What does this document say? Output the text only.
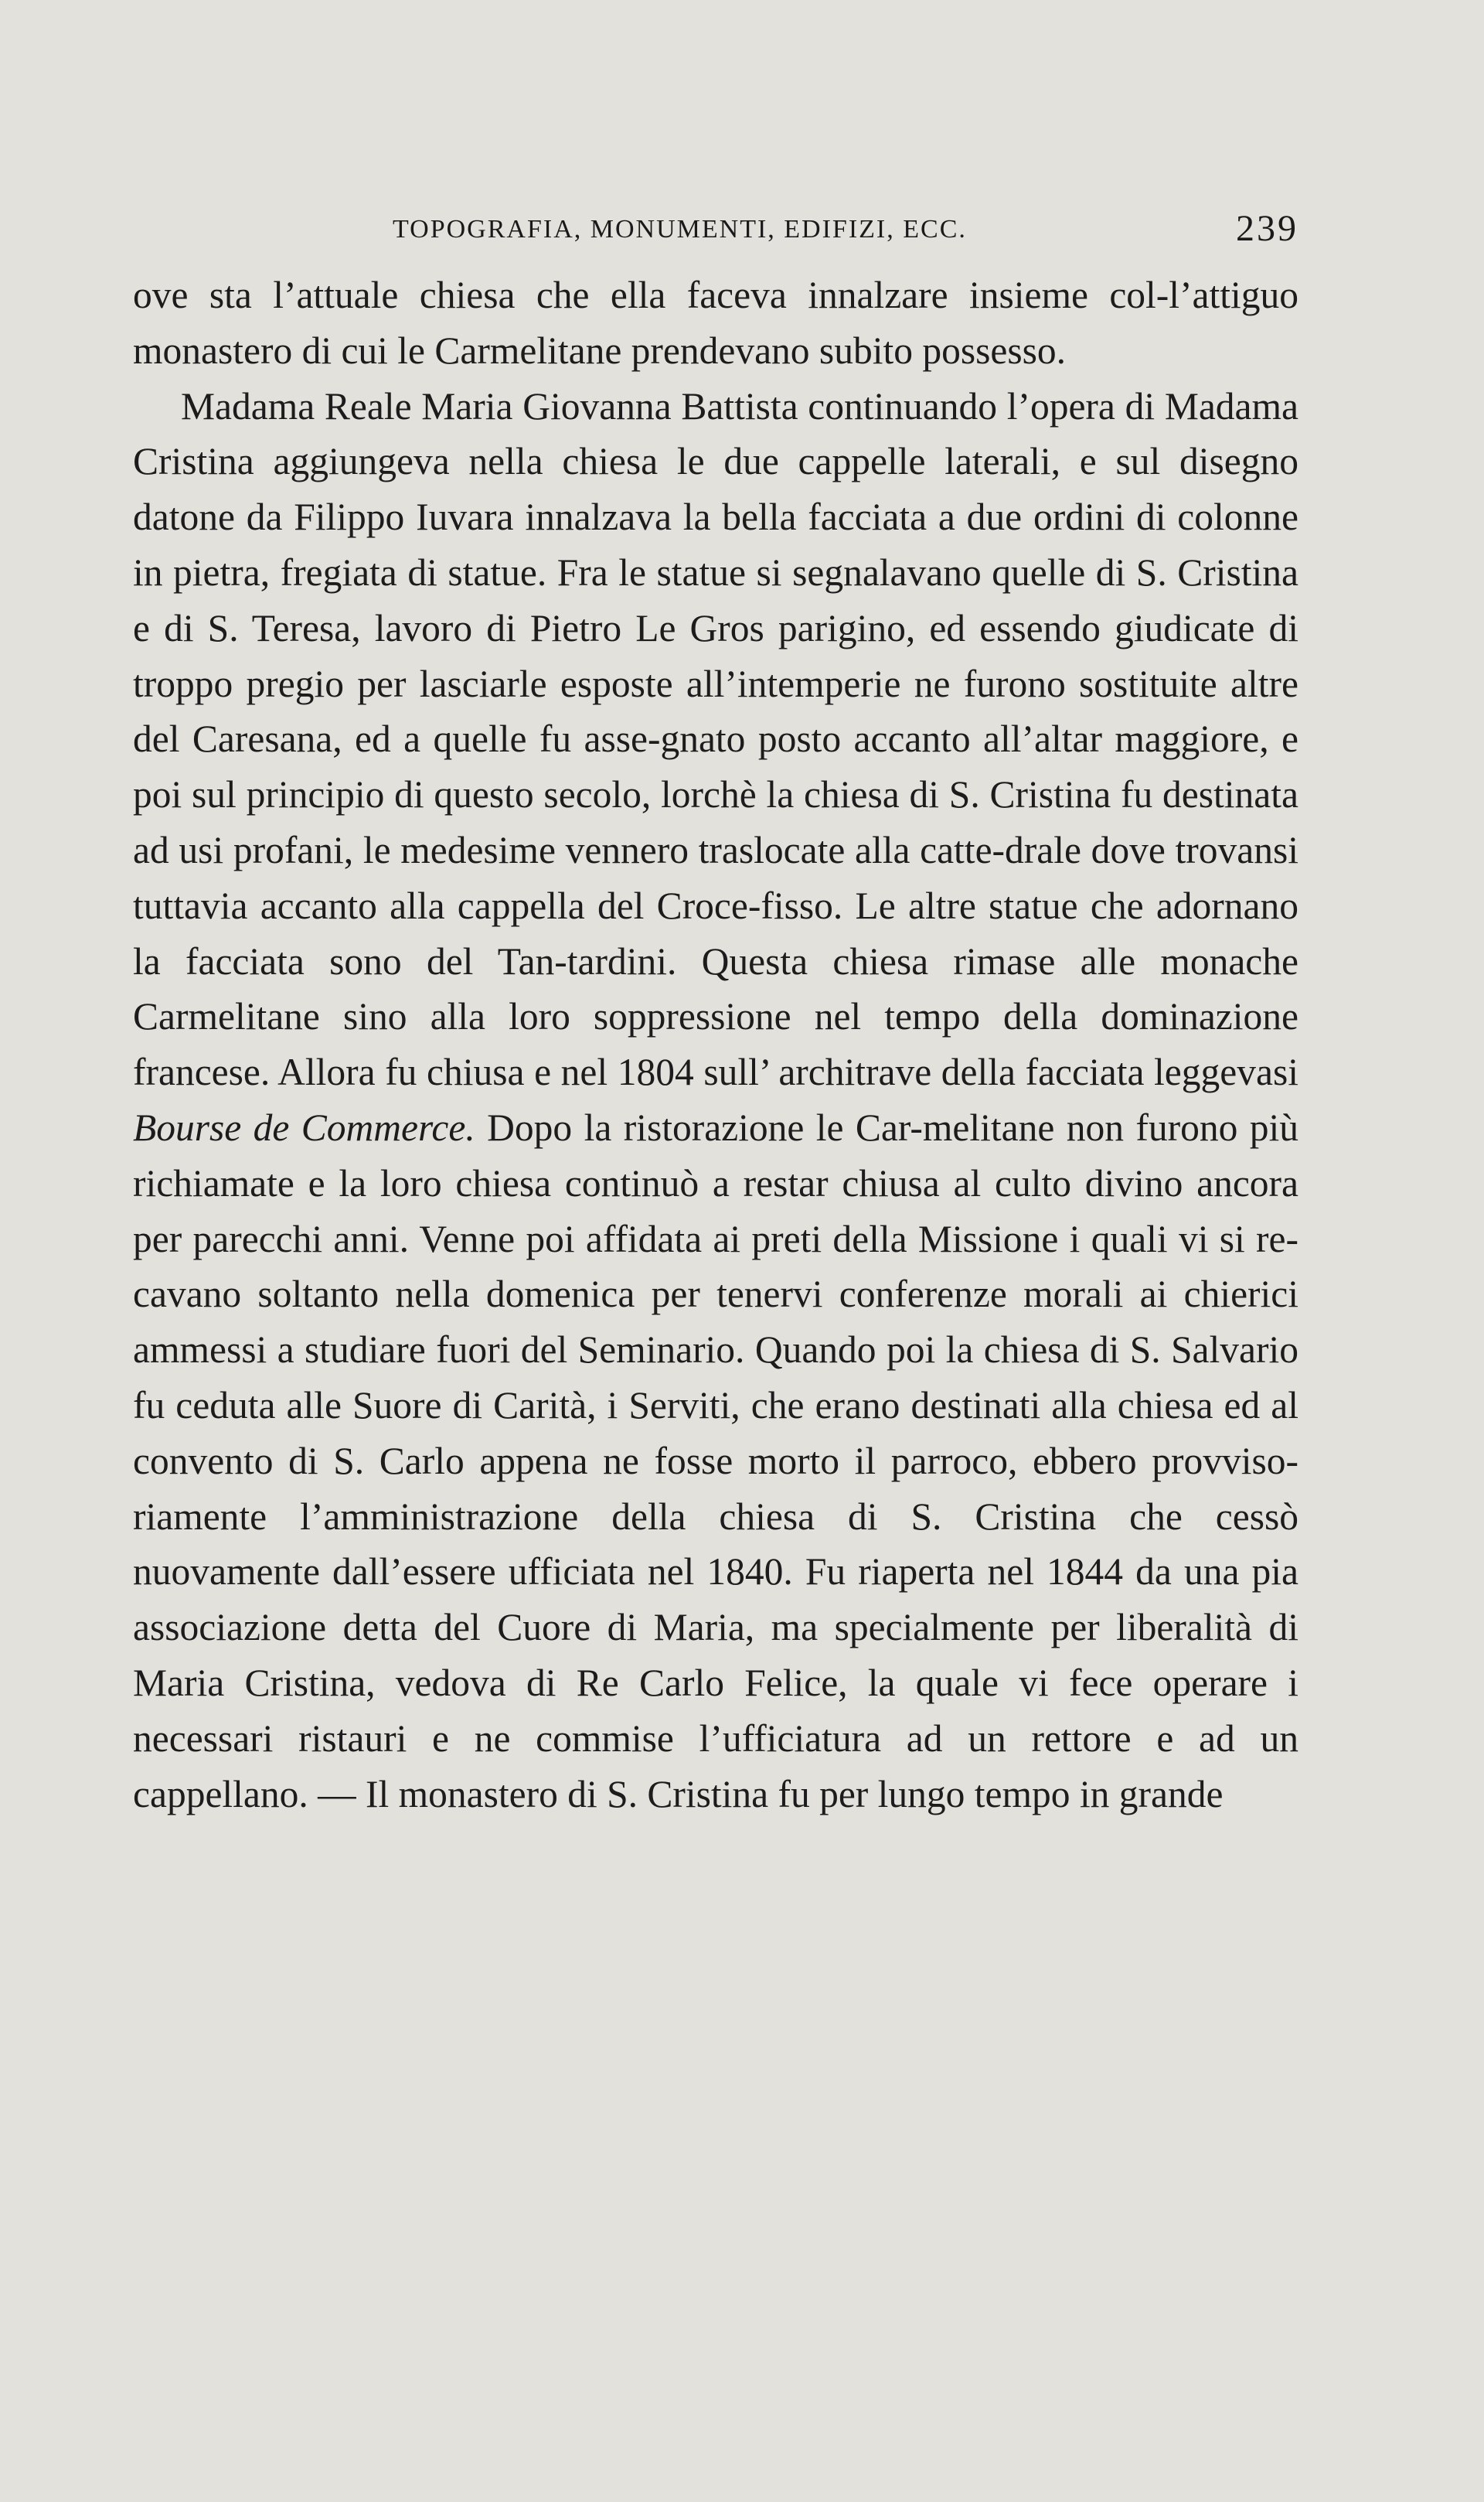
TOPOGRAFIA, MONUMENTI, EDIFIZI, ECC.	239

ove sta l’attuale chiesa che ella faceva innalzare insieme col-l’attiguo monastero di cui le Carmelitane prendevano subito possesso.

Madama Reale Maria Giovanna Battista continuando l’opera di Madama Cristina aggiungeva nella chiesa le due cappelle laterali, e sul disegno datone da Filippo Iuvara innalzava la bella facciata a due ordini di colonne in pietra, fregiata di statue. Fra le statue si segnalavano quelle di S. Cristina e di S. Teresa, lavoro di Pietro Le Gros parigino, ed essendo giudicate di troppo pregio per lasciarle esposte all’intemperie ne furono sostituite altre del Caresana, ed a quelle fu asse-gnato posto accanto all’altar maggiore, e poi sul principio di questo secolo, lorchè la chiesa di S. Cristina fu destinata ad usi profani, le medesime vennero traslocate alla catte-drale dove trovansi tuttavia accanto alla cappella del Croce-fisso. Le altre statue che adornano la facciata sono del Tan-tardini. Questa chiesa rimase alle monache Carmelitane sino alla loro soppressione nel tempo della dominazione francese. Allora fu chiusa e nel 1804 sull’ architrave della facciata leggevasi Bourse de Commerce. Dopo la ristorazione le Car-melitane non furono più richiamate e la loro chiesa continuò a restar chiusa al culto divino ancora per parecchi anni. Venne poi affidata ai preti della Missione i quali vi si re-cavano soltanto nella domenica per tenervi conferenze morali ai chierici ammessi a studiare fuori del Seminario. Quando poi la chiesa di S. Salvario fu ceduta alle Suore di Carità, i Serviti, che erano destinati alla chiesa ed al convento di S. Carlo appena ne fosse morto il parroco, ebbero provviso-riamente l’amministrazione della chiesa di S. Cristina che cessò nuovamente dall’essere ufficiata nel 1840. Fu riaperta nel 1844 da una pia associazione detta del Cuore di Maria, ma specialmente per liberalità di Maria Cristina, vedova di Re Carlo Felice, la quale vi fece operare i necessari ristauri e ne commise l’ufficiatura ad un rettore e ad un cappellano. — Il monastero di S. Cristina fu per lungo tempo in grande
